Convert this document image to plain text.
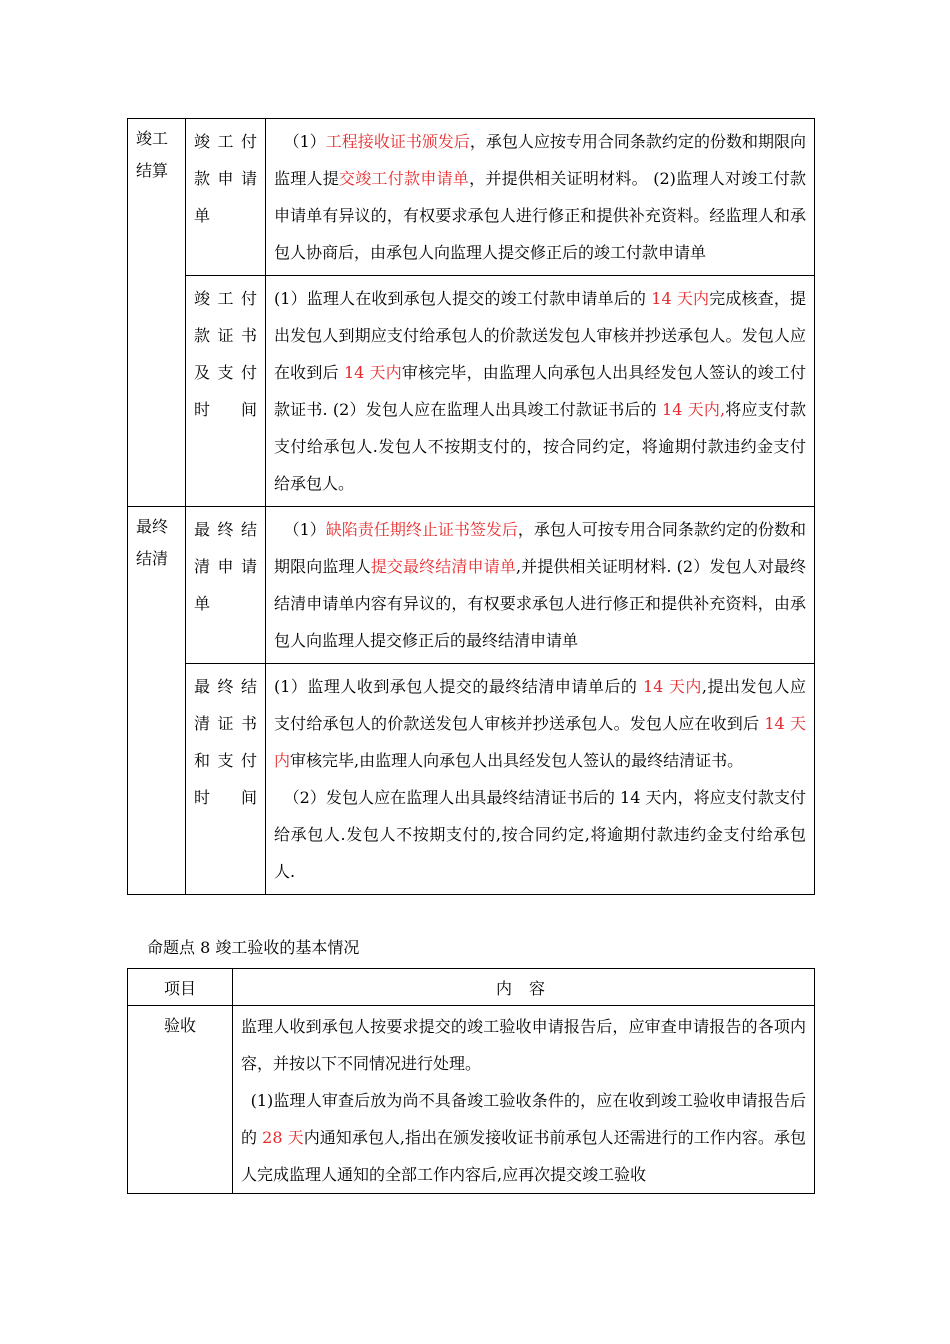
竣工
结算	竣工付款申请单	（1）工程接收证书颁发后，承包人应按专用合同条款约定的份数和期限向监理人提交竣工付款申请单，并提供相关证明材料。 (2)监理人对竣工付款申请单有异议的，有权要求承包人进行修正和提供补充资料。经监理人和承包人协商后，由承包人向监理人提交修正后的竣工付款申请单

	竣工付款证书及支付时间	(1）监理人在收到承包人提交的竣工付款申请单后的 14 天内完成核查，提出发包人到期应支付给承包人的价款送发包人审核并抄送承包人。发包人应在收到后 14 天内审核完毕，由监理人向承包人出具经发包人签认的竣工付款证书. (2）发包人应在监理人出具竣工付款证书后的 14 天内,将应支付款支付给承包人.发包人不按期支付的，按合同约定，将逾期付款违约金支付给承包人。

最终
结清	最终结清申请单	（1）缺陷责任期终止证书签发后，承包人可按专用合同条款约定的份数和期限向监理人提交最终结清申请单,并提供相关证明材料. (2）发包人对最终结清申请单内容有异议的，有权要求承包人进行修正和提供补充资料，由承包人向监理人提交修正后的最终结清申请单

	最终结清证书和支付时间	(1）监理人收到承包人提交的最终结清申请单后的 14 天内,提出发包人应支付给承包人的价款送发包人审核并抄送承包人。发包人应在收到后 14 天内审核完毕,由监理人向承包人出具经发包人签认的最终结清证书。
（2）发包人应在监理人出具最终结清证书后的 14 天内，将应支付款支付给承包人.发包人不按期支付的,按合同约定,将逾期付款违约金支付给承包人.
命题点 8 竣工验收的基本情况
项目	内 容
验收	监理人收到承包人按要求提交的竣工验收申请报告后，应审查申请报告的各项内容，并按以下不同情况进行处理。

(1)监理人审查后放为尚不具备竣工验收条件的，应在收到竣工验收申请报告后的 28 天内通知承包人,指出在颁发接收证书前承包人还需进行的工作内容。承包人完成监理人通知的全部工作内容后,应再次提交竣工验收
